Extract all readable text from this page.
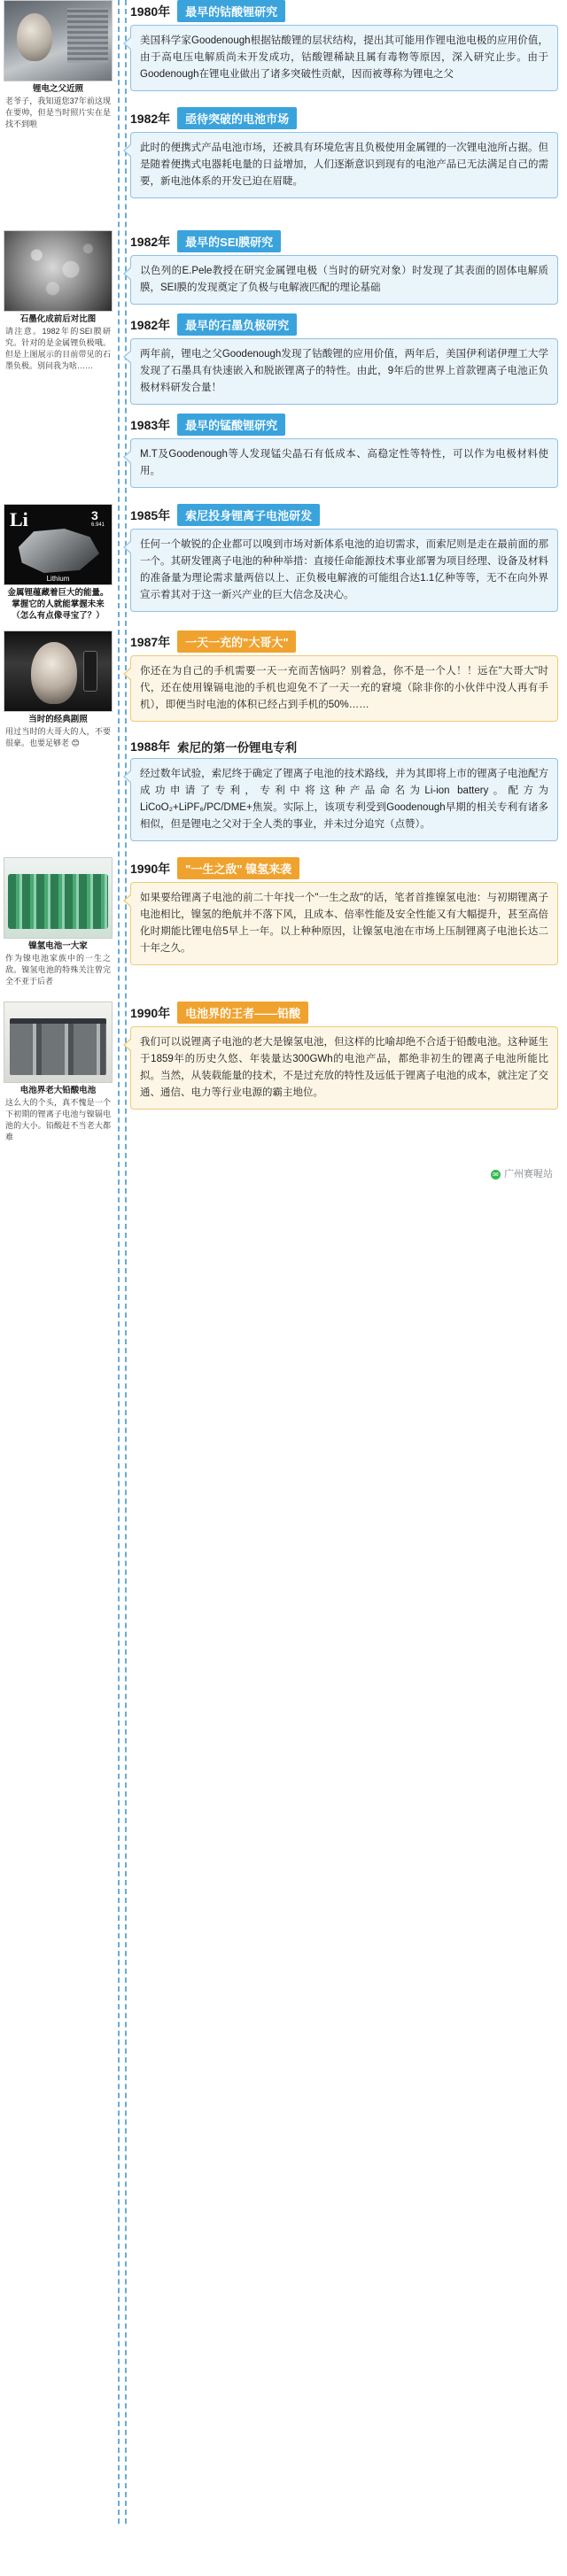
锂电之父近照
老爷子，我知道您37年前这现在要帅，但是当时照片实在是找不到啦
1980年	最早的钴酸锂研究
美国科学家Goodenough根据钴酸锂的层状结构，提出其可能用作锂电池电极的应用价值，由于高电压电解质尚未开发成功，钴酸锂稀缺且属有毒物等原因，深入研究止步。由于Goodenough在锂电业做出了诸多突破性贡献，因而被尊称为锂电之父
1982年	亟待突破的电池市场
此时的便携式产品电池市场，还被具有环境危害且负极使用金属锂的一次锂电池所占据。但是随着便携式电器耗电量的日益增加，人们逐渐意识到现有的电池产品已无法满足自己的需要，新电池体系的开发已迫在眉睫。
石墨化成前后对比图
请注意。1982年的SEI膜研究。针对的是金属锂负极哦。但是上图展示的目前带见的石墨负极。别问我为啥……
1982年	最早的SEI膜研究
以色列的E.Pele教授在研究金属锂电极（当时的研究对象）时发现了其表面的固体电解质膜，SEI膜的发现奠定了负极与电解液匹配的理论基础
1982年	最早的石墨负极研究
两年前，锂电之父Goodenough发现了钴酸锂的应用价值，两年后，美国伊利诺伊理工大学发现了石墨具有快速嵌入和脱嵌锂离子的特性。由此，9年后的世界上首款锂离子电池正负极材料研发合量！
1983年	最早的锰酸锂研究
M.T及Goodenough等人发现锰尖晶石有低成本、高稳定性等特性，可以作为电极材料使用。
Li	3
6.941
Lithium
金属锂蕴藏着巨大的能量。掌握它的人就能掌握未来（怎么有点像寻宝了？）
1985年	索尼投身锂离子电池研发
任何一个敏锐的企业都可以嗅到市场对新体系电池的迫切需求，而索尼则是走在最前面的那一个。其研发锂离子电池的种种举措：直接任命能源技术事业部署为项目经理、设备及材料的准备量为理论需求量两倍以上、正负极电解液的可能组合达1.1亿种等等，无不在向外界宣示着其对于这一新兴产业的巨大信念及决心。
当时的经典剧照
用过当时的大哥大的人，不要很豪。也要足够老 😊
1987年	一天一充的"大哥大"
你还在为自己的手机需要一天一充而苦恼吗？别着急，你不是一个人！！远在"大哥大"时代，还在使用镍镉电池的手机也迎免不了一天一充的窘境（除非你的小伙伴中没人再有手机），即便当时电池的体积已经占到手机的50%……
1988年 索尼的第一份锂电专利
经过数年试验，索尼终于确定了锂离子电池的技术路线，并为其即将上市的锂离子电池配方成功申请了专利，专利中将这种产品命名为Li-ion battery。配方为LiCoO₂+LiPF₆/PC/DME+焦炭。实际上，该项专利受到Goodenough早期的相关专利有诸多相似，但是锂电之父对于全人类的事业，并未过分追究（点赞）。
镍氢电池一大家
作为镍电池家族中的一生之敌。镍氢电池的特殊关注曾完全不亚于后者
1990年	"一生之敌" 镍氢来袭
如果要给锂离子电池的前二十年找一个"一生之敌"的话，笔者首推镍氢电池：与初期锂离子电池相比，镍氢的绝航并不落下风，且成本、倍率性能及安全性能又有大幅提升，甚至高倍化时期能比锂电倍5早上一年。以上种种原因，让镍氢电池在市场上压制锂离子电池长达二十年之久。
电池界老大铅酸电池
这么大的个头，真不愧是一个下初期的锂离子电池与镍镉电池的大小。铅酸赶不当老大都难
1990年	电池界的王者——铅酸
我们可以说锂离子电池的老大是镍氢电池，但这样的比喻却绝不合适于铅酸电池。这种诞生于1859年的历史久悠、年装量达300GWh的电池产品，都绝非初生的锂离子电池所能比拟。当然，从装载能量的技术，不是过充放的特性及远低于锂离子电池的成本，就注定了交通、通信、电力等行业电源的霸主地位。
✉ 广州赛喔站
